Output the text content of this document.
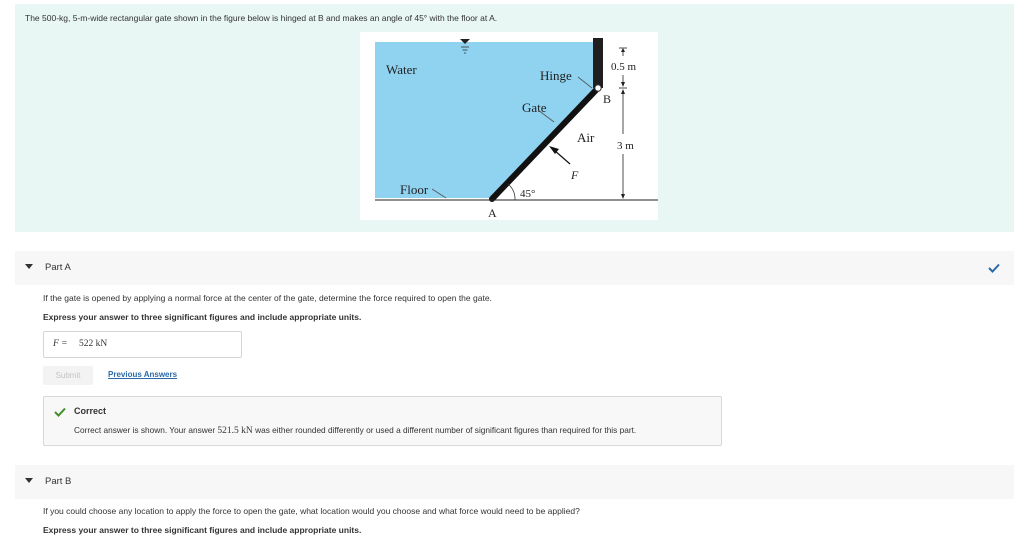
The 500-kg, 5-m-wide rectangular gate shown in the figure below is hinged at B and makes an angle of 45° with the floor at A.

Water	Hinge
B
Gate
Air
F
Floor	45°
A
0.5 m
3 m
Part A

If the gate is opened by applying a normal force at the center of the gate, determine the force required to open the gate.

Express your answer to three significant figures and include appropriate units.

F = 522 kN
Submit	Previous Answers
Correct
Correct answer is shown. Your answer 521.5 kN was either rounded differently or used a different number of significant figures than required for this part.
Part B

If you could choose any location to apply the force to open the gate, what location would you choose and what force would need to be applied?

Express your answer to three significant figures and include appropriate units.
